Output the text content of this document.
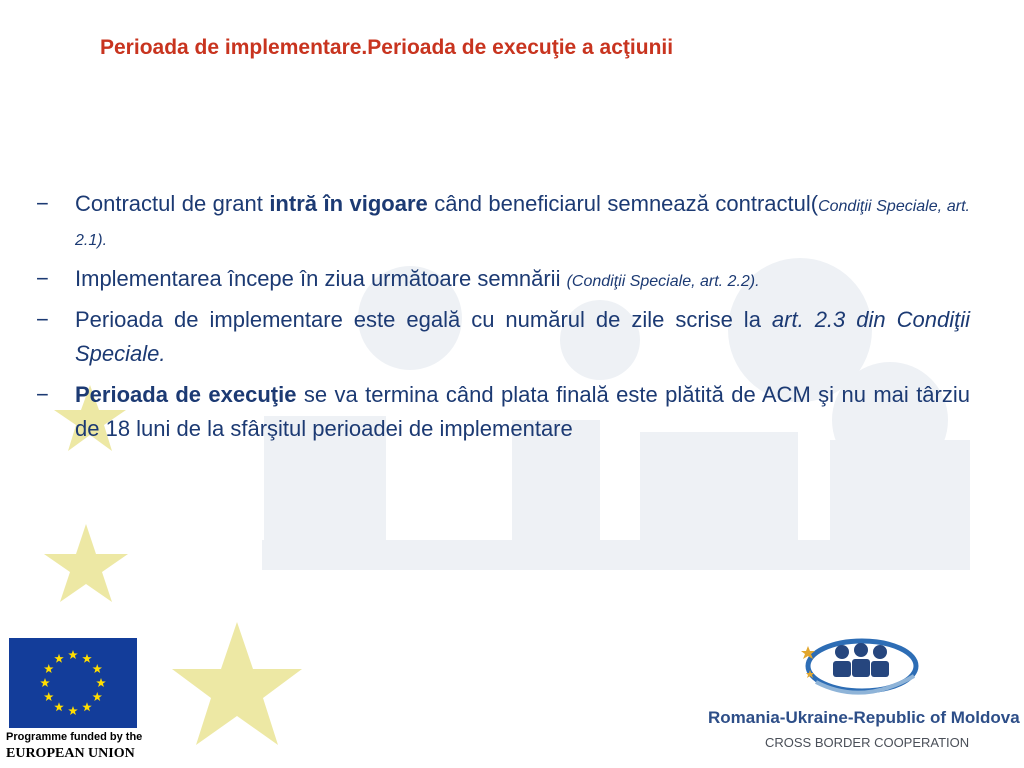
Perioada de implementare.Perioada de execuţie a acţiunii
− Contractul de grant intră în vigoare când beneficiarul semnează contractul(Condiţii Speciale, art. 2.1).
− Implementarea începe în ziua următoare semnării (Condiţii Speciale, art. 2.2).
− Perioada de implementare este egală cu numărul de zile scrise la art. 2.3 din Condiţii Speciale.
− Perioada de execuţie se va termina când plata finală este plătită de ACM şi nu mai târziu de 18 luni de la sfârşitul perioadei de implementare
Programme funded by the
EUROPEAN UNION
Romania-Ukraine-Republic of Moldova
CROSS BORDER COOPERATION
